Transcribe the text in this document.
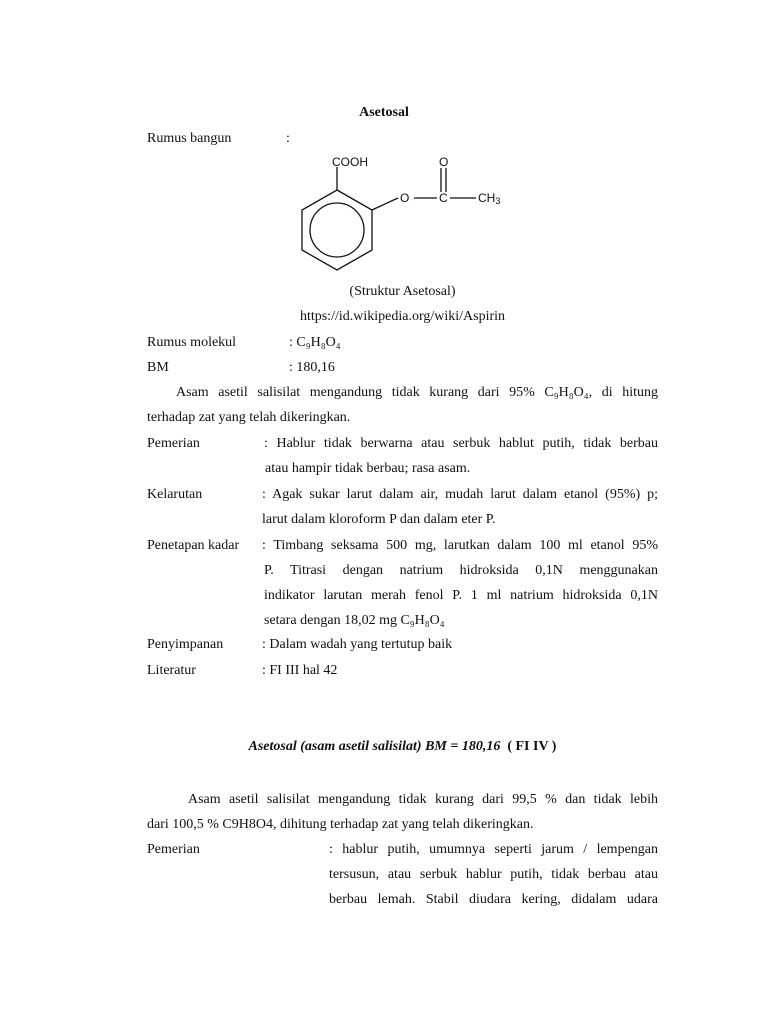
Asetosal
Rumus bangun	:
COOH	O
O C	$CH_3$
(Struktur Asetosal)
https://id.wikipedia.org/wiki/Aspirin
Rumus molekul	: C₉H₈O₄
BM	: 180,16
Asam asetil salisilat mengandung tidak kurang dari 95% C₉H₈O₄, di hitung
terhadap zat yang telah dikeringkan.
Pemerian	: Hablur tidak berwarna atau serbuk hablut putih, tidak berbau
atau hampir tidak berbau; rasa asam.
Kelarutan	: Agak sukar larut dalam air, mudah larut dalam etanol (95%) p;
larut dalam kloroform P dan dalam eter P.
Penetapan kadar : Timbang seksama 500 mg, larutkan dalam 100 ml etanol 95%
P. Titrasi dengan natrium hidroksida 0,1N menggunakan
indikator larutan merah fenol P. 1 ml natrium hidroksida 0,1N
setara dengan 18,02 mg C₉H₈O₄
Penyimpanan	: Dalam wadah yang tertutup baik
Literatur	: FI III hal 42
Asetosal (asam asetil salisilat) BM = 180,16 ( FI IV )
Asam asetil salisilat mengandung tidak kurang dari 99,5 % dan tidak lebih
dari 100,5 % C9H8O4, dihitung terhadap zat yang telah dikeringkan.
Pemerian	: hablur putih, umumnya seperti jarum / lempengan
tersusun, atau serbuk hablur putih, tidak berbau atau
berbau lemah. Stabil diudara kering, didalam udara
